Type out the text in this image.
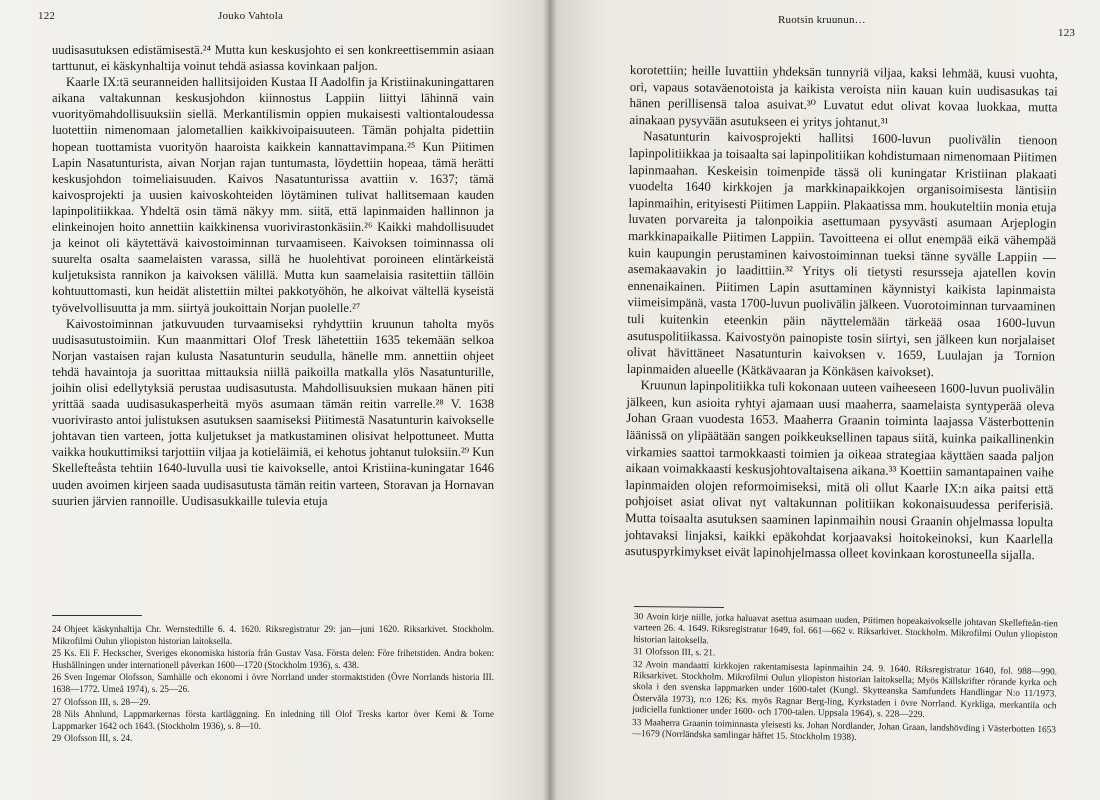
122	Jouko Vahtola

uudisasutuksen edistämisestä.²⁴ Mutta kun keskusjohto ei sen konkreettisemmin asiaan tarttunut, ei käskynhaltija voinut tehdä asiassa kovinkaan paljon.

Kaarle IX:tä seuranneiden hallitsijoiden Kustaa II Aadolfin ja Kristiinakuningattaren aikana valtakunnan keskusjohdon kiinnostus Lappiin liittyi lähinnä vain vuorityömahdollisuuksiin siellä. Merkantilismin oppien mukaisesti valtiontaloudessa luotettiin nimenomaan jalometallien kaikkivoipaisuuteen. Tämän pohjalta pidettiin hopean tuottamista vuorityön haaroista kaikkein kannattavimpana.²⁵ Kun Piitimen Lapin Nasatunturista, aivan Norjan rajan tuntumasta, löydettiin hopeaa, tämä herätti keskusjohdon toimeliaisuuden. Kaivos Nasatunturissa avattiin v. 1637; tämä kaivosprojekti ja uusien kaivoskohteiden löytäminen tulivat hallitsemaan kauden lapinpolitiikkaa. Yhdeltä osin tämä näkyy mm. siitä, että lapinmaiden hallinnon ja elinkeinojen hoito annettiin kaikkinensa vuorivirastonkäsiin.²⁶ Kaikki mahdollisuudet ja keinot oli käytettävä kaivostoiminnan turvaamiseen. Kaivoksen toiminnassa oli suurelta osalta saamelaisten varassa, sillä he huolehtivat poroineen elintärkeistä kuljetuksista rannikon ja kaivoksen välillä. Mutta kun saamelaisia rasitettiin tällöin kohtuuttomasti, kun heidät alistettiin miltei pakkotyöhön, he alkoivat vältellä kyseistä työvelvollisuutta ja mm. siirtyä joukoittain Norjan puolelle.²⁷

Kaivostoiminnan jatkuvuuden turvaamiseksi ryhdyttiin kruunun taholta myös uudisasutustoimiin. Kun maanmittari Olof Tresk lähetettiin 1635 tekemään selkoa Norjan vastaisen rajan kulusta Nasatunturin seudulla, hänelle mm. annettiin ohjeet tehdä havaintoja ja suorittaa mittauksia niillä paikoilla matkalla ylös Nasatunturille, joihin olisi edellytyksiä perustaa uudisasutusta. Mahdollisuuksien mukaan hänen piti yrittää saada uudisasukasperheitä myös asumaan tämän reitin varrelle.²⁸ V. 1638 vuorivirasto antoi julistuksen asutuksen saamiseksi Piitimestä Nasatunturin kaivokselle johtavan tien varteen, jotta kuljetukset ja matkustaminen olisivat helpottuneet. Mutta vaikka houkuttimiksi tarjottiin viljaa ja kotieläimiä, ei kehotus johtanut tuloksiin.²⁹ Kun Skellefteåsta tehtiin 1640-luvulla uusi tie kaivokselle, antoi Kristiina-kuningatar 1646 uuden avoimen kirjeen saada uudisasutusta tämän reitin varteen, Storavan ja Hornavan suurien järvien rannoille. Uudisasukkaille tulevia etuja

24 Ohjeet käskynhaltija Chr. Wernstedtille 6. 4. 1620. Riksregistratur 29: jan—juni 1620. Riksarkivet. Stockholm. Mikrofilmi Oulun yliopiston historian laitoksella.
25 Ks. Eli F. Heckscher, Sveriges ekonomiska historia från Gustav Vasa. Första delen: Före frihetstiden. Andra boken: Hushållningen under internationell påverkan 1600—1720 (Stockholm 1936), s. 438.
26 Sven Ingemar Olofsson, Samhälle och ekonomi i övre Norrland under stormaktstiden (Övre Norrlands historia III. 1638—1772. Umeå 1974), s. 25—26.
27 Olofsson III, s. 28—29.
28 Nils Ahnlund, Lappmarkernas första kartläggning. En inledning till Olof Tresks kartor över Kemi & Torne Lappmarker 1642 och 1643. (Stockholm 1936), s. 8—10.
29 Olofsson III, s. 24.
Ruotsin kruunun…
123

korotettiin; heille luvattiin yhdeksän tunnyriä viljaa, kaksi lehmää, kuusi vuohta, ori, vapaus sotaväenotoista ja kaikista veroista niin kauan kuin uudisasukas tai hänen perillisensä taloa asuivat.³⁰ Luvatut edut olivat kovaa luokkaa, mutta ainakaan pysyvään asutukseen ei yritys johtanut.³¹

Nasatunturin kaivosprojekti hallitsi 1600-luvun puolivälin tienoon lapinpolitiikkaa ja toisaalta sai lapinpolitiikan kohdistumaan nimenomaan Piitimen lapinmaahan. Keskeisin toimenpide tässä oli kuningatar Kristiinan plakaati vuodelta 1640 kirkkojen ja markkinapaikkojen organisoimisesta läntisiin lapinmaihin, erityisesti Piitimen Lappiin. Plakaatissa mm. houkuteltiin monia etuja luvaten porvareita ja talonpoikia asettumaan pysyvästi asumaan Arjeplogin markkinapaikalle Piitimen Lappiin. Tavoitteena ei ollut enempää eikä vähempää kuin kaupungin perustaminen kaivostoiminnan tueksi tänne syvälle Lappiin — asemakaavakin jo laadittiin.³² Yritys oli tietysti resursseja ajatellen kovin ennenaikainen. Piitimen Lapin asuttaminen käynnistyi kaikista lapinmaista viimeisimpänä, vasta 1700-luvun puolivälin jälkeen. Vuorotoiminnan turvaaminen tuli kuitenkin eteenkin päin näyttelemään tärkeää osaa 1600-luvun asutuspolitiikassa. Kaivostyön painopiste tosin siirtyi, sen jälkeen kun norjalaiset olivat hävittäneet Nasatunturin kaivoksen v. 1659, Luulajan ja Tornion lapinmaiden alueelle (Kätkävaaran ja Könkäsen kaivokset).

Kruunun lapinpolitiikka tuli kokonaan uuteen vaiheeseen 1600-luvun puolivälin jälkeen, kun asioita ryhtyi ajamaan uusi maaherra, saamelaista syntyperää oleva Johan Graan vuodesta 1653. Maaherra Graanin toiminta laajassa Västerbottenin läänissä on ylipäätään sangen poikkeuksellinen tapaus siitä, kuinka paikallinenkin virkamies saattoi tarmokkaasti toimien ja oikeaa strategiaa käyttäen saada paljon aikaan voimakkaasti keskusjohtovaltaisena aikana.³³ Koettiin samantapainen vaihe lapinmaiden olojen reformoimiseksi, mitä oli ollut Kaarle IX:n aika paitsi että pohjoiset asiat olivat nyt valtakunnan politiikan kokonaisuudessa periferisiä. Mutta toisaalta asutuksen saaminen lapinmaihin nousi Graanin ohjelmassa lopulta johtavaksi linjaksi, kaikki epäkohdat korjaavaksi hoitokeinoksi, kun Kaarlella asutuspyrkimykset eivät lapinohjelmassa olleet kovinkaan korostuneella sijalla.

30 Avoin kirje niille, jotka haluavat asettua asumaan uuden, Piitimen hopeakaivokselle johtavan Skellefteån-tien varteen 26. 4. 1649. Riksregistratur 1649, fol. 661—662 v. Riksarkivet. Stockholm. Mikrofilmi Oulun yliopiston historian laitoksella.
31 Olofsson III, s. 21.
32 Avoin mandaatti kirkkojen rakentamisesta lapinmaihin 24. 9. 1640. Riksregistratur 1640, fol. 988—990. Riksarkivet. Stockholm. Mikrofilmi Oulun yliopiston historian laitoksella; Myös Källskrifter rörande kyrka och skola i den svenska lappmarken under 1600-talet (Kungl. Skytteanska Samfundets Handlingar N:o 11/1973. Östervåla 1973), n:o 126; Ks. myös Ragnar Berg-ling, Kyrkstaden i övre Norrland. Kyrkliga, merkantila och judiciella funktioner under 1600- och 1700-talen. Uppsala 1964), s. 228—229.
33 Maaherra Graanin toiminnasta yleisesti ks. Johan Nordlander, Johan Graan, landshövding i Västerbotten 1653—1679 (Norrländska samlingar häftet 15. Stockholm 1938).
